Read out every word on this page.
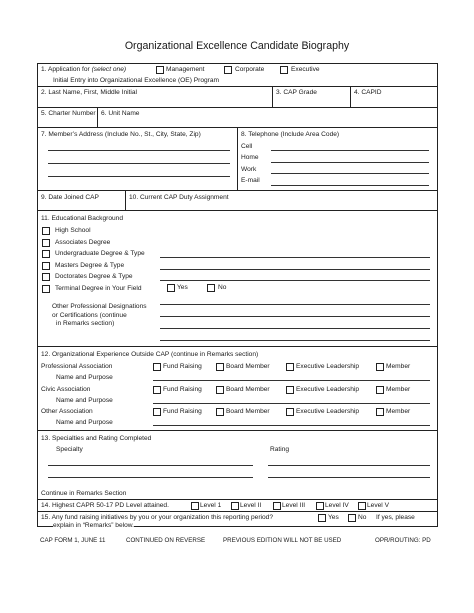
Organizational Excellence Candidate Biography
1. Application for (select one)	Management	Corporate	Executive
Initial Entry into Organizational Excellence (OE) Program
2. Last Name, First, Middle Initial	3. CAP Grade	4. CAPID
5. Charter Number 6. Unit Name
7. Member’s Address (Include No., St., City, State, Zip)	8. Telephone (Include Area Code)
Cell
Home
Work
E-mail
9. Date Joined CAP	10. Current CAP Duty Assignment
11. Educational Background
High School
Associates Degree
Undergraduate Degree & Type
Masters Degree & Type
Doctorates Degree & Type
Terminal Degree in Your Field	Yes	No
Other Professional Designations
or Certifications (continue
in Remarks section)
12. Organizational Experience Outside CAP (continue in Remarks section)
Professional Association
Name and Purpose
Fund Raising	Board Member	Executive Leadership	Member
Civic Association
Name and Purpose
Fund Raising	Board Member	Executive Leadership	Member
Other Association
Name and Purpose
Fund Raising	Board Member	Executive Leadership	Member
13. Specialties and Rating Completed
Specialty	Rating
Continue in Remarks Section
14. Highest CAPR 50-17 PD Level attained.	Level 1	Level II	Level III	Level IV	Level V
15. Any fund raising initiatives by you or your organization this reporting period?	Yes	No If yes, please
explain in “Remarks” below.
CAP FORM 1, JUNE 11	CONTINUED ON REVERSE	PREVIOUS EDITION WILL NOT BE USED	OPR/ROUTING: PD
